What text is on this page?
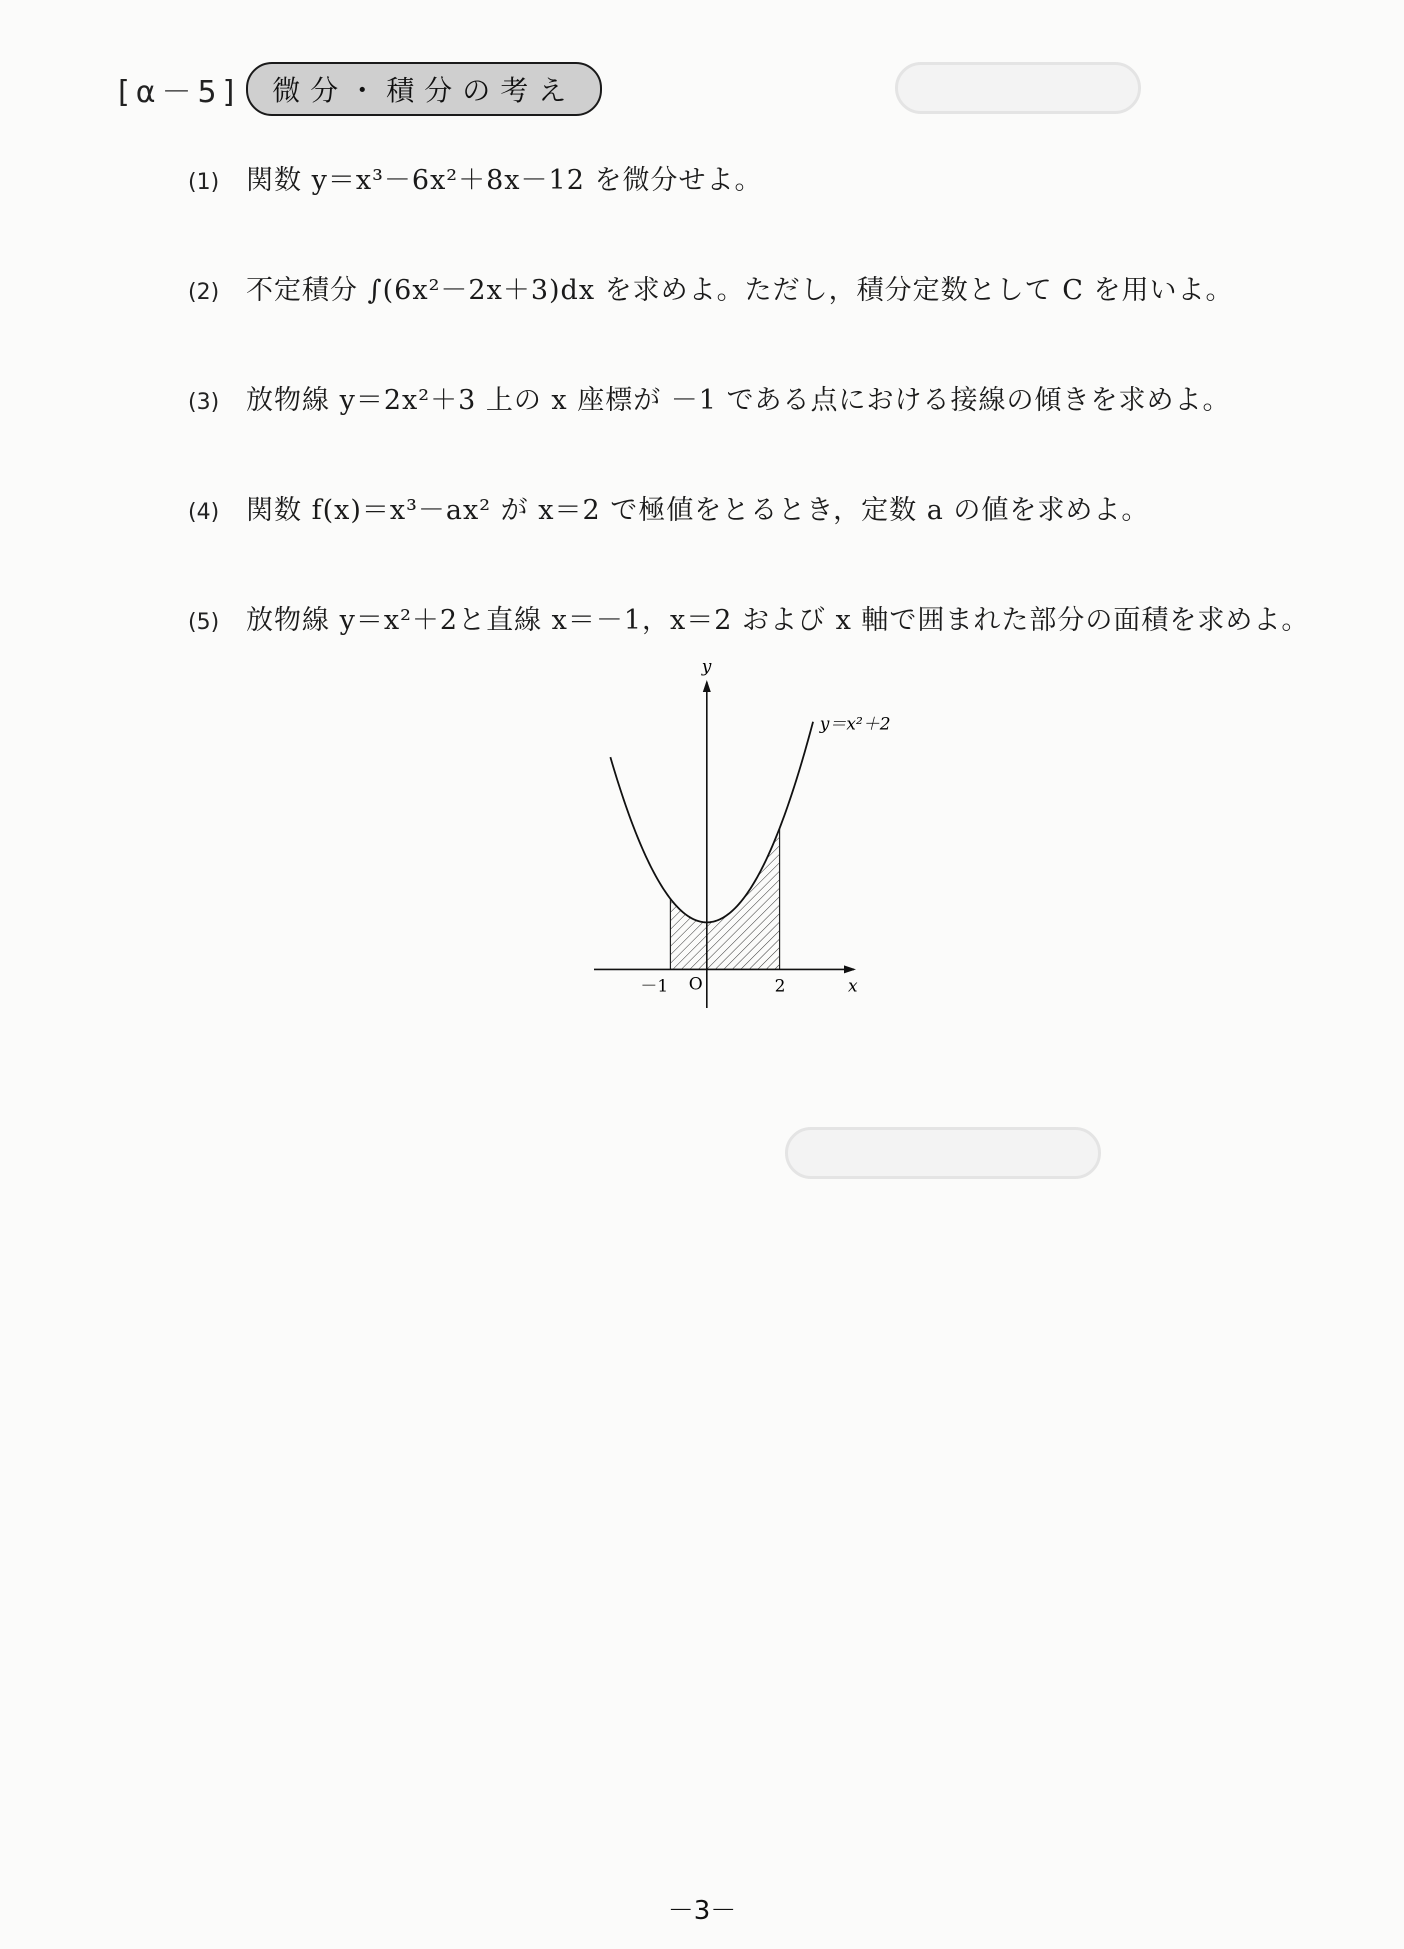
[α－5]	微分・積分の考え
(1) 関数 y＝x³－6x²＋8x－12 を微分せよ。
(2) 不定積分 ∫(6x²－2x＋3)dx を求めよ。ただし，積分定数として C を用いよ。
(3) 放物線 y＝2x²＋3 上の x 座標が －1 である点における接線の傾きを求めよ。
(4) 関数 f(x)＝x³－ax² が x＝2 で極値をとるとき，定数 a の値を求めよ。
(5) 放物線 y＝x²＋2と直線 x＝－1，x＝2 および x 軸で囲まれた部分の面積を求めよ。
x
y
O
－1	2
y＝x²＋2
－3－
